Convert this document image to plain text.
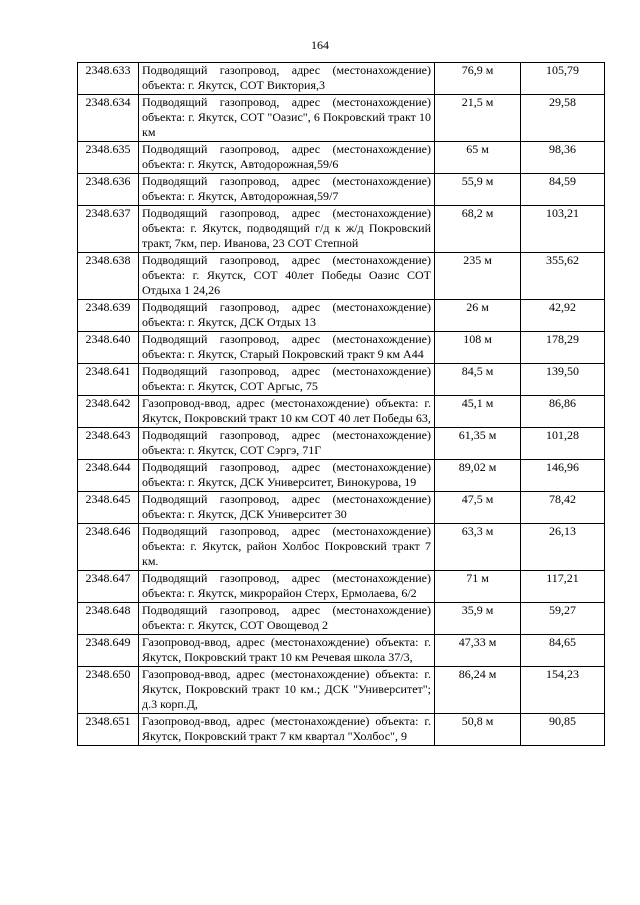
164
2348.633	Подводящий газопровод, адрес (местонахождение) объекта: г. Якутск, СОТ Виктория,3	76,9 м	105,79
2348.634	Подводящий газопровод, адрес (местонахождение) объекта: г. Якутск, СОТ "Оазис", 6 Покровский тракт 10 км	21,5 м	29,58
2348.635	Подводящий газопровод, адрес (местонахождение) объекта: г. Якутск, Автодорожная,59/6	65 м	98,36
2348.636	Подводящий газопровод, адрес (местонахождение) объекта: г. Якутск, Автодорожная,59/7	55,9 м	84,59
2348.637	Подводящий газопровод, адрес (местонахождение) объекта: г. Якутск, подводящий г/д к ж/д Покровский тракт, 7км, пер. Иванова, 23 СОТ Степной	68,2 м	103,21
2348.638	Подводящий газопровод, адрес (местонахождение) объекта: г. Якутск, СОТ 40лет Победы Оазис СОТ Отдыха 1 24,26	235 м	355,62
2348.639	Подводящий газопровод, адрес (местонахождение) объекта: г. Якутск, ДСК Отдых 13	26 м	42,92
2348.640	Подводящий газопровод, адрес (местонахождение) объекта: г. Якутск, Старый Покровский тракт 9 км А44	108 м	178,29
2348.641	Подводящий газопровод, адрес (местонахождение) объекта: г. Якутск, СОТ Аргыс, 75	84,5 м	139,50
2348.642	Газопровод-ввод, адрес (местонахождение) объекта: г. Якутск, Покровский тракт 10 км СОТ 40 лет Победы 63,	45,1 м	86,86
2348.643	Подводящий газопровод, адрес (местонахождение) объекта: г. Якутск, СОТ Сэргэ, 71Г	61,35 м	101,28
2348.644	Подводящий газопровод, адрес (местонахождение) объекта: г. Якутск, ДСК Университет, Винокурова, 19	89,02 м	146,96
2348.645	Подводящий газопровод, адрес (местонахождение) объекта: г. Якутск, ДСК Университет 30	47,5 м	78,42
2348.646	Подводящий газопровод, адрес (местонахождение) объекта: г. Якутск, район Холбос Покровский тракт 7 км.	63,3 м	26,13
2348.647	Подводящий газопровод, адрес (местонахождение) объекта: г. Якутск, микрорайон Стерх, Ермолаева, 6/2	71 м	117,21
2348.648	Подводящий газопровод, адрес (местонахождение) объекта: г. Якутск, СОТ Овощевод 2	35,9 м	59,27
2348.649	Газопровод-ввод, адрес (местонахождение) объекта: г. Якутск, Покровский тракт 10 км Речевая школа 37/3,	47,33 м	84,65
2348.650	Газопровод-ввод, адрес (местонахождение) объекта: г. Якутск, Покровский тракт 10 км.; ДСК "Университет"; д.3 корп.Д,	86,24 м	154,23
2348.651	Газопровод-ввод, адрес (местонахождение) объекта: г. Якутск, Покровский тракт 7 км квартал "Холбос", 9	50,8 м	90,85
